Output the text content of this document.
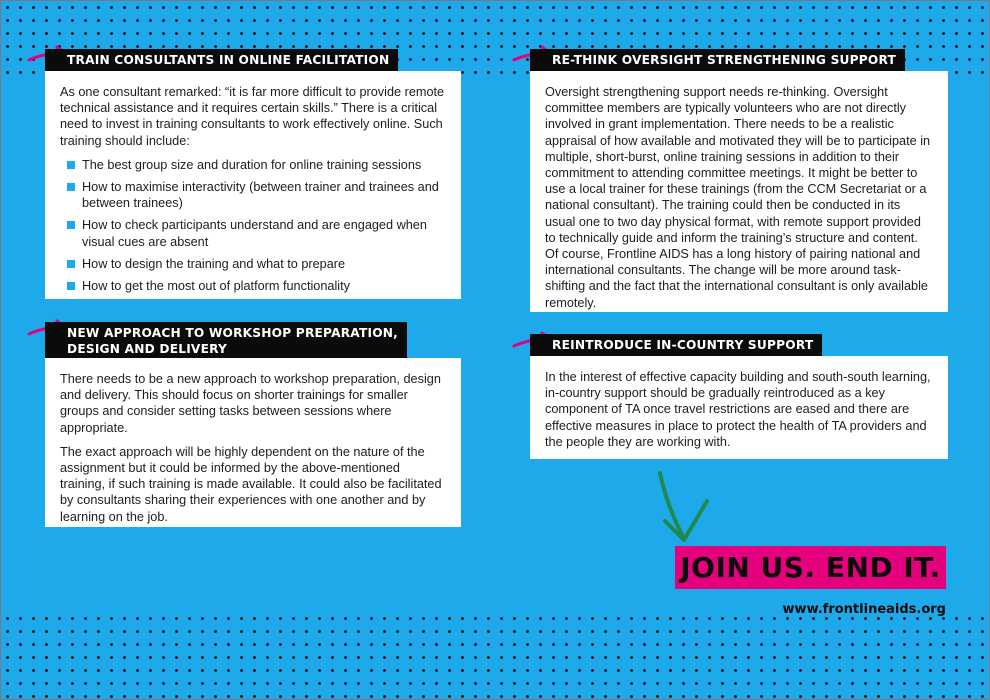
TRAIN CONSULTANTS IN ONLINE FACILITATION

As one consultant remarked: “it is far more difficult to provide remote technical assistance and it requires certain skills.” There is a critical need to invest in training consultants to work effectively online. Such training should include:

The best group size and duration for online training sessions
How to maximise interactivity (between trainer and trainees and between trainees)
How to check participants understand and are engaged when visual cues are absent
How to design the training and what to prepare
How to get the most out of platform functionality
NEW APPROACH TO WORKSHOP PREPARATION,
DESIGN AND DELIVERY

There needs to be a new approach to workshop preparation, design and delivery. This should focus on shorter trainings for smaller groups and consider setting tasks between sessions where appropriate.

The exact approach will be highly dependent on the nature of the assignment but it could be informed by the above-mentioned training, if such training is made available. It could also be facilitated by consultants sharing their experiences with one another and by learning on the job.

RE-THINK OVERSIGHT STRENGTHENING SUPPORT

Oversight strengthening support needs re-thinking. Oversight committee members are typically volunteers who are not directly involved in grant implementation. There needs to be a realistic appraisal of how available and motivated they will be to participate in multiple, short-burst, online training sessions in addition to their commitment to attending committee meetings. It might be better to use a local trainer for these trainings (from the CCM Secretariat or a national consultant). The training could then be conducted in its usual one to two day physical format, with remote support provided to technically guide and inform the training’s structure and content. Of course, Frontline AIDS has a long history of pairing national and international consultants. The change will be more around task-shifting and the fact that the international consultant is only available remotely.

REINTRODUCE IN-COUNTRY SUPPORT

In the interest of effective capacity building and south-south learning, in-country support should be gradually reintroduced as a key component of TA once travel restrictions are eased and there are effective measures in place to protect the health of TA providers and the people they are working with.

JOIN US. END IT.
www.frontlineaids.org
